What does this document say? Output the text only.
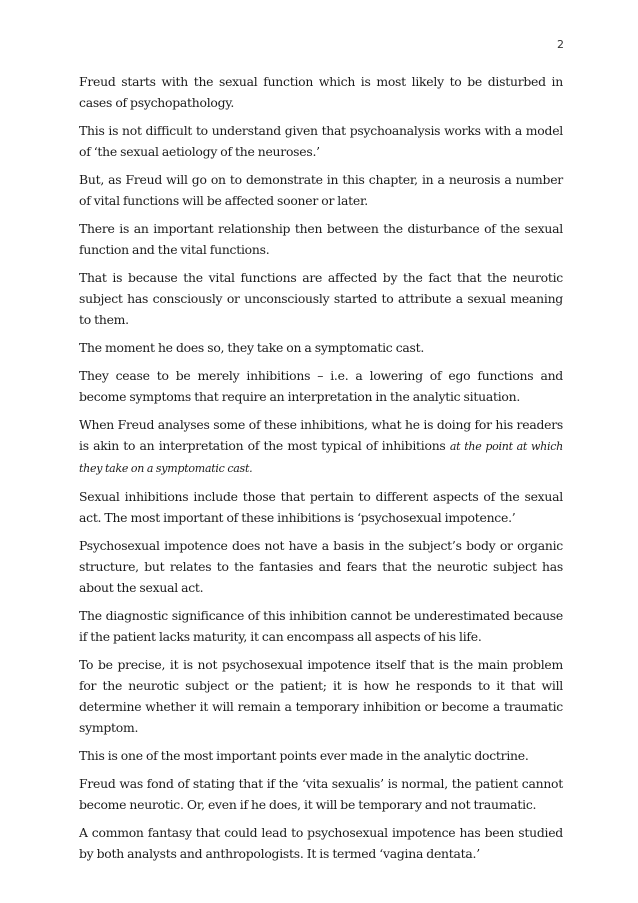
2

Freud starts with the sexual function which is most likely to be disturbed in cases of psychopathology.

This is not difficult to understand given that psychoanalysis works with a model of ‘the sexual aetiology of the neuroses.’

But, as Freud will go on to demonstrate in this chapter, in a neurosis a number of vital functions will be affected sooner or later.

There is an important relationship then between the disturbance of the sexual function and the vital functions.

That is because the vital functions are affected by the fact that the neurotic subject has consciously or unconsciously started to attribute a sexual meaning to them.

The moment he does so, they take on a symptomatic cast.

They cease to be merely inhibitions – i.e. a lowering of ego functions and become symptoms that require an interpretation in the analytic situation.

When Freud analyses some of these inhibitions, what he is doing for his readers is akin to an interpretation of the most typical of inhibitions at the point at which they take on a symptomatic cast.

Sexual inhibitions include those that pertain to different aspects of the sexual act. The most important of these inhibitions is ‘psychosexual impotence.’

Psychosexual impotence does not have a basis in the subject’s body or organic structure, but relates to the fantasies and fears that the neurotic subject has about the sexual act.

The diagnostic significance of this inhibition cannot be underestimated because if the patient lacks maturity, it can encompass all aspects of his life.

To be precise, it is not psychosexual impotence itself that is the main problem for the neurotic subject or the patient; it is how he responds to it that will determine whether it will remain a temporary inhibition or become a traumatic symptom.

This is one of the most important points ever made in the analytic doctrine.

Freud was fond of stating that if the ‘vita sexualis’ is normal, the patient cannot become neurotic. Or, even if he does, it will be temporary and not traumatic.

A common fantasy that could lead to psychosexual impotence has been studied by both analysts and anthropologists. It is termed ‘vagina dentata.’
